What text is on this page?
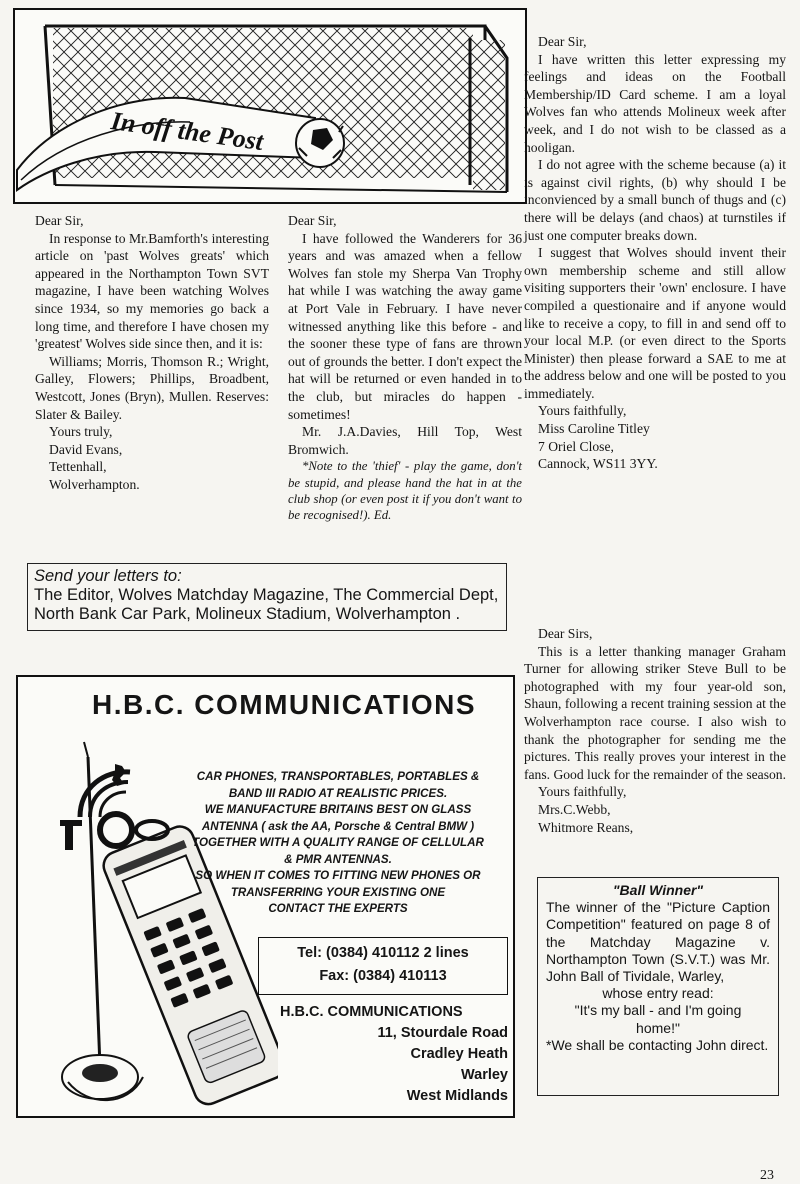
In off the Post

Dear Sir,

In response to Mr.Bamforth's interesting article on 'past Wolves greats' which appeared in the Northampton Town SVT magazine, I have been watching Wolves since 1934, so my memories go back a long time, and therefore I have chosen my 'greatest' Wolves side since then, and it is:

Williams; Morris, Thomson R.; Wright, Galley, Flowers; Phillips, Broadbent, Westcott, Jones (Bryn), Mullen. Reserves: Slater & Bailey.

Yours truly,

David Evans,

Tettenhall,

Wolverhampton.

Dear Sir,

I have followed the Wanderers for 36 years and was amazed when a fellow Wolves fan stole my Sherpa Van Trophy hat while I was watching the away game at Port Vale in February. I have never witnessed anything like this before - and the sooner these type of fans are thrown out of grounds the better. I don't expect the hat will be returned or even handed in to the club, but miracles do happen - sometimes!

Mr. J.A.Davies, Hill Top, West Bromwich.

*Note to the 'thief' - play the game, don't be stupid, and please hand the hat in at the club shop (or even post it if you don't want to be recognised!). Ed.

Dear Sir,

I have written this letter expressing my feelings and ideas on the Football Membership/ID Card scheme. I am a loyal Wolves fan who attends Molineux week after week, and I do not wish to be classed as a hooligan.

I do not agree with the scheme because (a) it is against civil rights, (b) why should I be inconvienced by a small bunch of thugs and (c) there will be delays (and chaos) at turnstiles if just one computer breaks down.

I suggest that Wolves should invent their own membership scheme and still allow visiting supporters their 'own' enclosure. I have compiled a questionaire and if anyone would like to receive a copy, to fill in and send off to your local M.P. (or even direct to the Sports Minister) then please forward a SAE to me at the address below and one will be posted to you immediately.

Yours faithfully,

Miss Caroline Titley

7 Oriel Close,

Cannock, WS11 3YY.

Dear Sirs,

This is a letter thanking manager Graham Turner for allowing striker Steve Bull to be photographed with my four year-old son, Shaun, following a recent training session at the Wolverhampton race course. I also wish to thank the photographer for sending me the pictures. This really proves your interest in the fans. Good luck for the remainder of the season.

Yours faithfully,

Mrs.C.Webb,

Whitmore Reans,

Send your letters to:
The Editor, Wolves Matchday Magazine, The Commercial Dept, North Bank Car Park, Molineux Stadium, Wolverhampton .
H.B.C. COMMUNICATIONS
CAR PHONES, TRANSPORTABLES, PORTABLES &
BAND III RADIO AT REALISTIC PRICES.
WE MANUFACTURE BRITAINS BEST ON GLASS
ANTENNA ( ask the AA, Porsche & Central BMW )
TOGETHER WITH A QUALITY RANGE OF CELLULAR
& PMR ANTENNAS.
SO WHEN IT COMES TO FITTING NEW PHONES OR
TRANSFERRING YOUR EXISTING ONE
CONTACT THE EXPERTS
Tel: (0384) 410112 2 lines
Fax: (0384) 410113
H.B.C. COMMUNICATIONS
11, Stourdale Road
Cradley Heath
Warley
West Midlands
"Ball Winner"
The winner of the "Picture Caption Competition" featured on page 8 of the Matchday Magazine v. Northampton Town (S.V.T.) was Mr. John Ball of Tividale, Warley,
whose entry read:
"It's my ball - and I'm going home!"
*We shall be contacting John direct.
23
